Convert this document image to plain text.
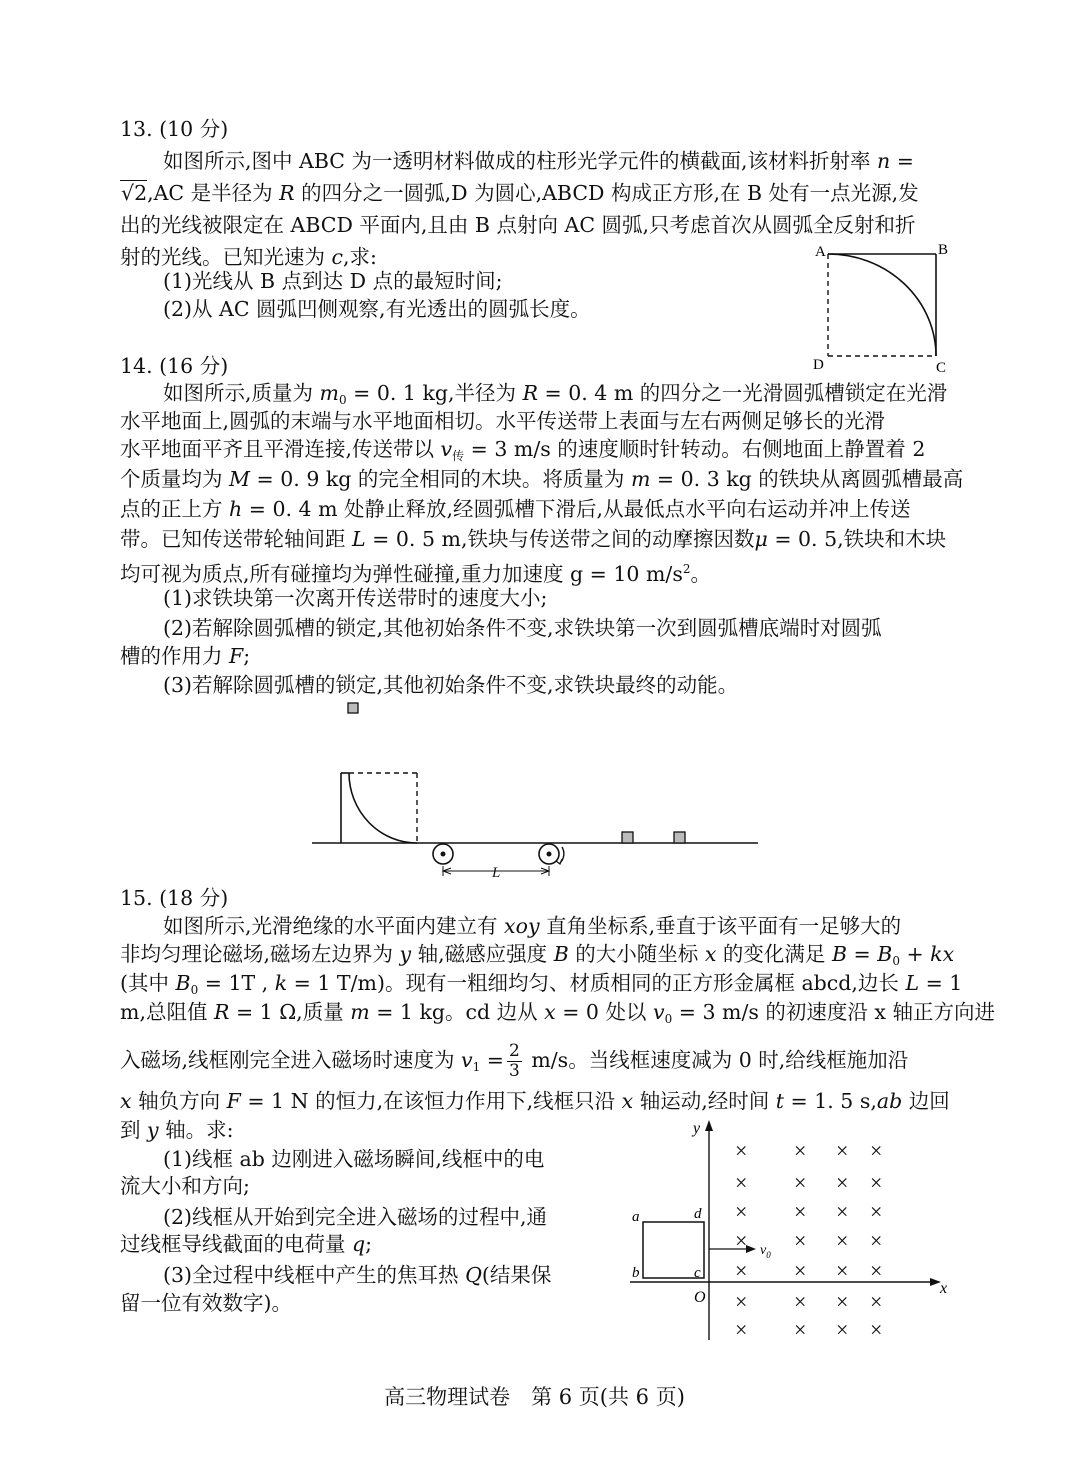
13. (10 分)
如图所示,图中 ABC 为一透明材料做成的柱形光学元件的横截面,该材料折射率 n =
√2,AC 是半径为 R 的四分之一圆弧,D 为圆心,ABCD 构成正方形,在 B 处有一点光源,发
出的光线被限定在 ABCD 平面内,且由 B 点射向 AC 圆弧,只考虑首次从圆弧全反射和折
射的光线。已知光速为 c,求:
(1)光线从 B 点到达 D 点的最短时间;
(2)从 AC 圆弧凹侧观察,有光透出的圆弧长度。
A	B
D	C
14. (16 分)
如图所示,质量为 $m_0 = 0$. 1 kg,半径为 R = 0. 4 m 的四分之一光滑圆弧槽锁定在光滑
水平地面上,圆弧的末端与水平地面相切。水平传送带上表面与左右两侧足够长的光滑
水平地面平齐且平滑连接,传送带以 $v_传 = 3$ m/s 的速度顺时针转动。右侧地面上静置着 2
个质量均为 M = 0. 9 kg 的完全相同的木块。将质量为 m = 0. 3 kg 的铁块从离圆弧槽最高
点的正上方 h = 0. 4 m 处静止释放,经圆弧槽下滑后,从最低点水平向右运动并冲上传送
带。已知传送带轮轴间距 L = 0. 5 m,铁块与传送带之间的动摩擦因数μ = 0. 5,铁块和木块
均可视为质点,所有碰撞均为弹性碰撞,重力加速度 g = 10 $m/s^2$。
(1)求铁块第一次离开传送带时的速度大小;
(2)若解除圆弧槽的锁定,其他初始条件不变,求铁块第一次到圆弧槽底端时对圆弧
槽的作用力 F;
(3)若解除圆弧槽的锁定,其他初始条件不变,求铁块最终的动能。
L
15. (18 分)
如图所示,光滑绝缘的水平面内建立有 xoy 直角坐标系,垂直于该平面有一足够大的
非均匀理论磁场,磁场左边界为 y 轴,磁感应强度 B 的大小随坐标 x 的变化满足 $B = B_0$ + kx
(其中 $B_0 = 1T$ , k = 1 T/m)。现有一粗细均匀、材质相同的正方形金属框 abcd,边长 L = 1
m,总阻值 R = 1 Ω,质量 m = 1 kg。cd 边从 x = 0 处以 $v_0 = 3$ m/s 的初速度沿 x 轴正方向进
入磁场,线框刚完全进入磁场时速度为 $v_1 = \frac{2}{3} m/s$。当线框速度减为 0 时,给线框施加沿
x 轴负方向 F = 1 N 的恒力,在该恒力作用下,线框只沿 x 轴运动,经时间 t = 1. 5 s,ab 边回
到 y 轴。求:
(1)线框 ab 边刚进入磁场瞬间,线框中的电
流大小和方向;
(2)线框从开始到完全进入磁场的过程中,通
过线框导线截面的电荷量 q;
(3)全过程中线框中产生的焦耳热 Q(结果保
留一位有效数字)。
y
x
O
a	d
b	c
$v_0$
× × × ×
× × × ×
× × × ×
× × × ×
× × × ×
× × × ×
× × × ×
高三物理试卷　第 6 页(共 6 页)
